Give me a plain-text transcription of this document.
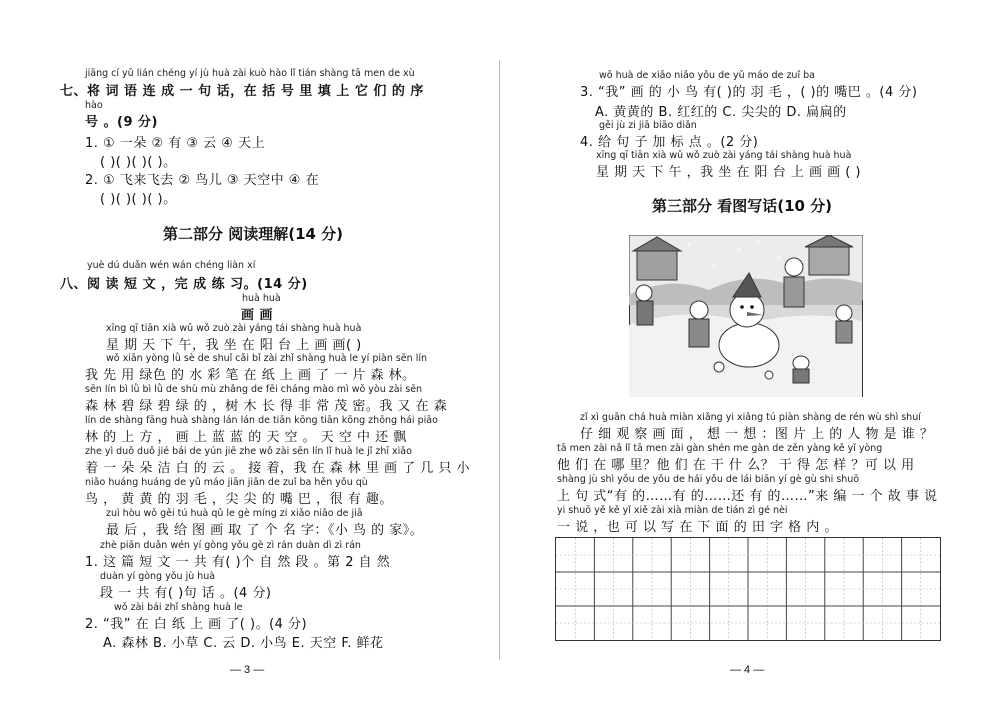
jiāng cí yǔ lián chéng yí jù huà zài kuò hào lǐ tián shàng tā men de xù
七、将 词 语 连 成 一 句 话，在 括 号 里 填 上 它 们 的 序
hào
号 。(9 分)
1. ① 一朵 ② 有 ③ 云 ④ 天上
( )( )( )( )。
2. ① 飞来飞去 ② 鸟儿 ③ 天空中 ④ 在
( )( )( )( )。
第二部分 阅读理解(14 分)
yuè dú duǎn wén wán chéng liàn xí
八、阅 读 短 文 ，完 成 练 习。(14 分)
huà huà
画 画
xīng qī tiān xià wǔ wǒ zuò zài yáng tái shàng huà huà
星 期 天 下 午，我 坐 在 阳 台 上 画 画( )
wǒ xiān yòng lǜ sè de shuǐ cǎi bǐ zài zhǐ shàng huà le yí piàn sēn lín
我 先 用 绿色 的 水 彩 笔 在 纸 上 画 了 一 片 森 林。
sēn lín bì lǜ bì lǜ de shù mù zhǎng de fēi cháng mào mì wǒ yòu zài sēn
森 林 碧 绿 碧 绿 的 ，树 木 长 得 非 常 茂 密。我 又 在 森
lín de shàng fāng huà shàng lán lán de tiān kōng tiān kōng zhōng hái piāo
林 的 上 方 ， 画 上 蓝 蓝 的 天 空 。 天 空 中 还 飘
zhe yì duǒ duǒ jié bái de yún jiē zhe wǒ zài sēn lín lǐ huà le jǐ zhī xiǎo
着 一 朵 朵 洁 白 的 云 。 接 着，我 在 森 林 里 画 了 几 只 小
niǎo huáng huáng de yǔ máo jiān jiān de zuǐ ba hěn yǒu qù
鸟 ， 黄 黄 的 羽 毛 ，尖 尖 的 嘴 巴 ，很 有 趣。
zuì hòu wǒ gěi tú huà qǔ le gè míng zi xiǎo niǎo de jiā
最 后 ，我 给 图 画 取 了 个 名 字：《小 鸟 的 家》。
zhè piān duǎn wén yí gòng yǒu gè zì rán duàn dì zì rán
1. 这 篇 短 文 一 共 有( )个 自 然 段 。第 2 自 然
duàn yí gòng yǒu jù huà
段 一 共 有( )句 话 。(4 分)
wǒ zài bái zhǐ shàng huà le
2. “我” 在 白 纸 上 画 了( )。(4 分)
A. 森林 B. 小草 C. 云 D. 小鸟 E. 天空 F. 鲜花
— 3 —
wǒ huà de xiǎo niǎo yǒu de yǔ máo de zuǐ ba
3. “我” 画 的 小 鸟 有( )的 羽 毛 ，( )的 嘴巴 。(4 分)
A. 黄黄的 B. 红红的 C. 尖尖的 D. 扁扁的
gěi jù zi jiā biāo diǎn
4. 给 句 子 加 标 点 。(2 分)
xīng qī tiān xià wǔ wǒ zuò zài yáng tái shàng huà huà
星 期 天 下 午 ，我 坐 在 阳 台 上 画 画 ( )
第三部分 看图写话(10 分)
zǐ xì guān chá huà miàn xiǎng yi xiǎng tú piàn shàng de rén wù shì shuí
仔 细 观 察 画 面 ， 想 一 想 ：图 片 上 的 人 物 是 谁 ？
tā men zài nǎ lǐ tā men zài gàn shén me gàn de zěn yàng kě yǐ yòng
他 们 在 哪 里？他 们 在 干 什 么？ 干 得 怎 样 ？可 以 用
shàng jù shì yǒu de yǒu de hái yǒu de lái biān yí gè gù shi shuō
上 句 式“有 的……有 的……还 有 的……”来 编 一 个 故 事 说
yi shuō yě kě yǐ xiě zài xià miàn de tián zì gé nèi
一 说 ，也 可 以 写 在 下 面 的 田 字 格 内 。
— 4 —
